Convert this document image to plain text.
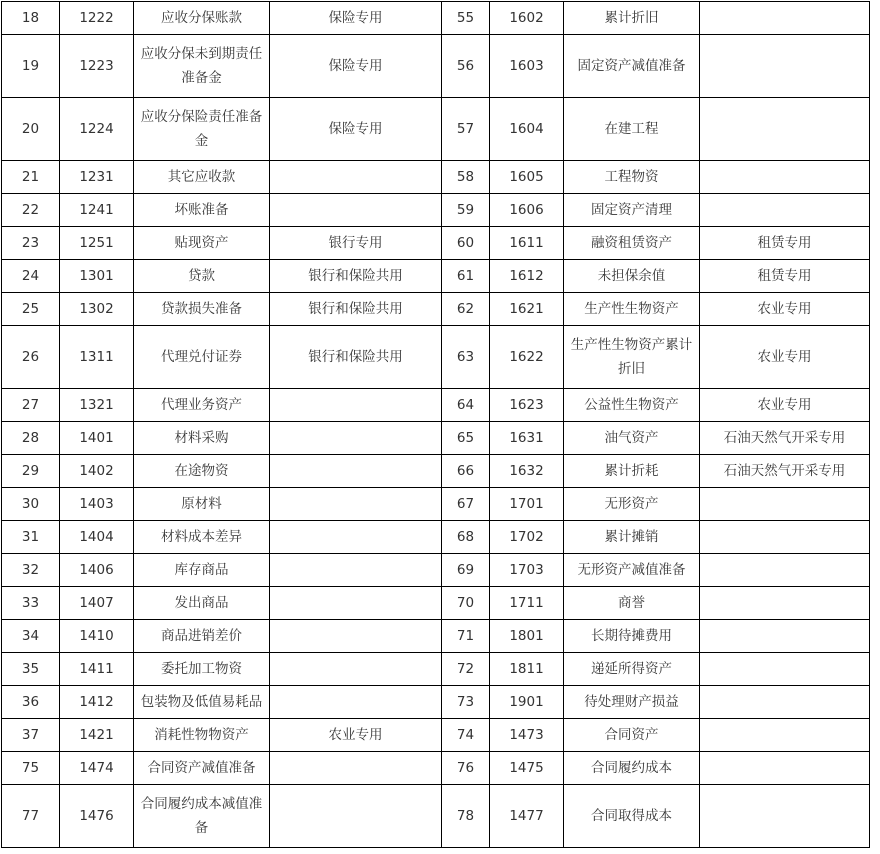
18	1222	应收分保账款	保险专用	55	1602	累计折旧	
19	1223	应收分保未到期责任准备金	保险专用	56	1603	固定资产减值准备	
20	1224	应收分保险责任准备金	保险专用	57	1604	在建工程	
21	1231	其它应收款		58	1605	工程物资	
22	1241	坏账准备		59	1606	固定资产清理	
23	1251	贴现资产	银行专用	60	1611	融资租赁资产	租赁专用
24	1301	贷款	银行和保险共用	61	1612	未担保余值	租赁专用
25	1302	贷款损失准备	银行和保险共用	62	1621	生产性生物资产	农业专用
26	1311	代理兑付证券	银行和保险共用	63	1622	生产性生物资产累计折旧	农业专用
27	1321	代理业务资产		64	1623	公益性生物资产	农业专用
28	1401	材料采购		65	1631	油气资产	石油天然气开采专用
29	1402	在途物资		66	1632	累计折耗	石油天然气开采专用
30	1403	原材料		67	1701	无形资产	
31	1404	材料成本差异		68	1702	累计摊销	
32	1406	库存商品		69	1703	无形资产减值准备	
33	1407	发出商品		70	1711	商誉	
34	1410	商品进销差价		71	1801	长期待摊费用	
35	1411	委托加工物资		72	1811	递延所得资产	
36	1412	包装物及低值易耗品		73	1901	待处理财产损益	
37	1421	消耗性物物资产	农业专用	74	1473	合同资产	
75	1474	合同资产减值准备		76	1475	合同履约成本	
77	1476	合同履约成本减值准备		78	1477	合同取得成本	
